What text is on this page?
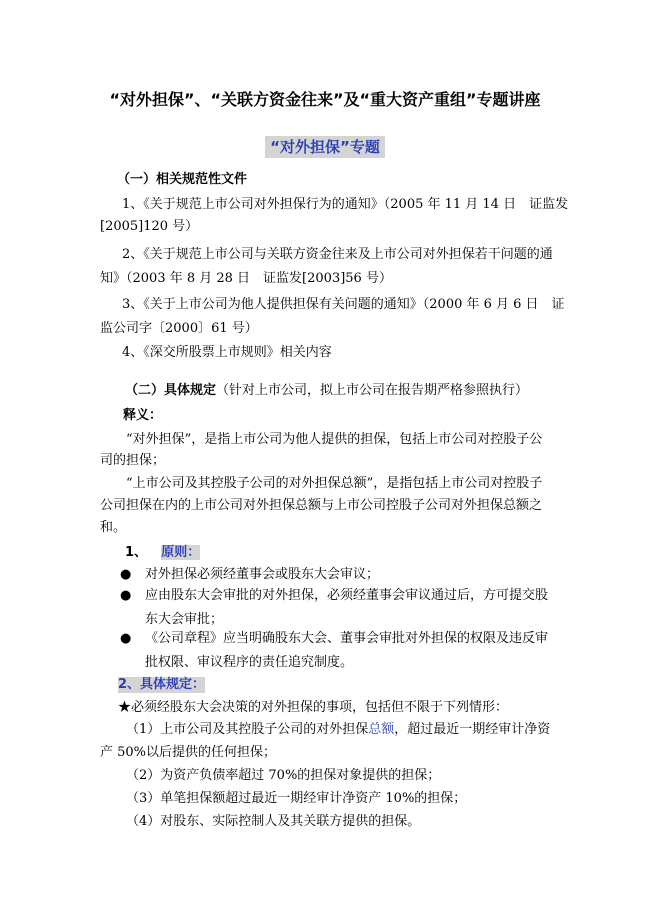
“对外担保”、“关联方资金往来”及“重大资产重组”专题讲座
“对外担保”专题
（一）相关规范性文件
1、《关于规范上市公司对外担保行为的通知》（2005 年 11 月 14 日　证监发
[2005]120 号）
2、《关于规范上市公司与关联方资金往来及上市公司对外担保若干问题的通
知》（2003 年 8 月 28 日　证监发[2003]56 号）
3、《关于上市公司为他人提供担保有关问题的通知》（2000 年 6 月 6 日　证
监公司字〔2000〕61 号）
4、《深交所股票上市规则》相关内容
（二）具体规定（针对上市公司，拟上市公司在报告期严格参照执行）
释义：
“对外担保”，是指上市公司为他人提供的担保，包括上市公司对控股子公
司的担保；
“上市公司及其控股子公司的对外担保总额”，是指包括上市公司对控股子
公司担保在内的上市公司对外担保总额与上市公司控股子公司对外担保总额之
和。
1、 原则：
● 对外担保必须经董事会或股东大会审议；
● 应由股东大会审批的对外担保，必须经董事会审议通过后，方可提交股
东大会审批；
● 《公司章程》应当明确股东大会、董事会审批对外担保的权限及违反审
批权限、审议程序的责任追究制度。
2、具体规定：
★必须经股东大会决策的对外担保的事项，包括但不限于下列情形：
（1）上市公司及其控股子公司的对外担保总额，超过最近一期经审计净资
产 50%以后提供的任何担保；
（2）为资产负债率超过 70%的担保对象提供的担保；
（3）单笔担保额超过最近一期经审计净资产 10%的担保；
（4）对股东、实际控制人及其关联方提供的担保。
